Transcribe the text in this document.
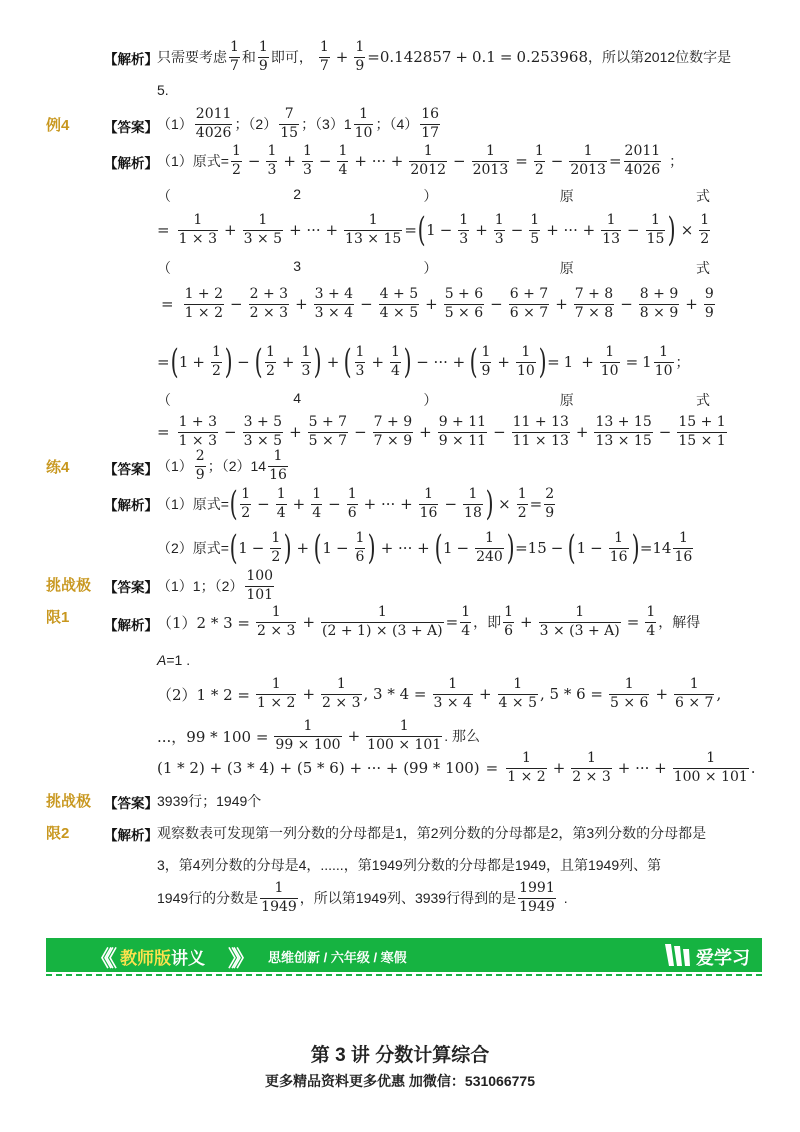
【解析】 只需要考虑
1
7
和
1
9
即可，
1
$7 + \frac{1}{9} = 0.142857 + 0.1 = 0.253968$ ，所以第2012位数字是
5.
例4	【答案】 （1）
2011
4026
；（2）
7
15
；（3）1
1
10
；（4）
16
17
【解析】 （1）原式= $\frac{1}{2} - \frac{1}{3} + \frac{1}{3} - \frac{1}{4}$ + ··· + $\frac{1}{2012} - \frac{1}{2013} = \frac{1}{2} - \frac{1}{2013} = \frac{2011}{4026}$ ；
（	2	）	原	式
= $\frac{1}{1 \times 3} + \frac{1}{3 \times 5}$ + ··· + $\frac{1}{13 \times 15}$ = ( $1 - \frac{1}{3} + \frac{1}{3} - \frac{1}{5}$ + ··· + $\frac{1}{13} - \frac{1}{15}$ ) × $\frac{1}{2}$
（	3	）	原	式
= $\frac{1 + 2}{1 \times 2} - \frac{2 + 3}{2 \times 3} + \frac{3 + 4}{3 \times 4} - \frac{4 + 5}{4 \times 5} + \frac{5 + 6}{5 \times 6} - \frac{6 + 7}{6 \times 7} + \frac{7 + 8}{7 \times 8} - \frac{8 + 9}{8 \times 9} + \frac{9}{9}$
= ( $1 + \frac{1}{2}$ ) − ( 1
$2 + \frac{1}{3}$ ) + ( 1
$3 + \frac{1}{4}$ ) − ··· + ( 1
$9 + \frac{1}{10}$ ) = $1 + \frac{1}{10} = 1$
1
10
；
（	4	）	原	式
= $\frac{1 + 3}{1 \times 3} - \frac{3 + 5}{3 \times 5} + \frac{5 + 7}{5 \times 7} - \frac{7 + 9}{7 \times 9} + \frac{9 + 11}{9 \times 11} - \frac{11 + 13}{11 \times 13} + \frac{13 + 15}{13 \times 15} - \frac{15 + 1}{15 \times 1}$
练4	【答案】 （1）
2
9
；（2）14
1
16
【解析】 （1）原式= ( 1
$2 - \frac{1}{4} + \frac{1}{4} - \frac{1}{6}$ + ··· + $\frac{1}{16} - \frac{1}{18}$ ) × $\frac{1}{2} = \frac{2}{9}$
（2）原式= ( $1 - \frac{1}{2}$ ) + ( $1 - \frac{1}{6}$ ) + ··· + ( $1 - \frac{1}{240}$ ) = 15 − ( $1 - \frac{1}{16}$ ) = 14
1
16
挑战极
限1
【答案】 （1）1；（2）
100
101
【解析】 $(1)2 * 3 = \frac{1}{2 \times 3} + \frac{1}{(2 + 1) \times (3 + A)} = \frac{1}{4}$ ，即
1
$6 + \frac{1}{3 \times (3 + A)} = \frac{1}{4}$ ，解得
A=1 .
$(2)1 * 2 = \frac{1}{1 \times 2} + \frac{1}{2 \times 3}$ , $3 * 4 = \frac{1}{3 \times 4} + \frac{1}{4 \times 5}$ , $5 * 6 = \frac{1}{5 \times 6} + \frac{1}{6 \times 7}$ ,
...，$99 * 100 = \frac{1}{99 \times 100} + \frac{1}{100 \times 101}$ . 那么
(1 * 2) + (3 * 4) + (5 * 6) + ··· + $(99 * 100) = \frac{1}{1 \times 2} + \frac{1}{2 \times 3}$ + ··· + $\frac{1}{100 \times 101}$ .
挑战极
限2
【答案】 3939行；1949个
【解析】 观察数表可发现第一列分数的分母都是1，第2列分数的分母都是2，第3列分数的分母都是
3，第4列分数的分母是4，......，第1949列分数的分母都是1949，且第1949列、第
1949行的分数是
1
1949
，所以第1949列、3939行得到的是
1991
1949
.
《《 教师版讲义 》》 思维创新 / 六年级 / 寒假	爱学习
第 3 讲 分数计算综合
更多精品资料更多优惠 加微信：531066775
